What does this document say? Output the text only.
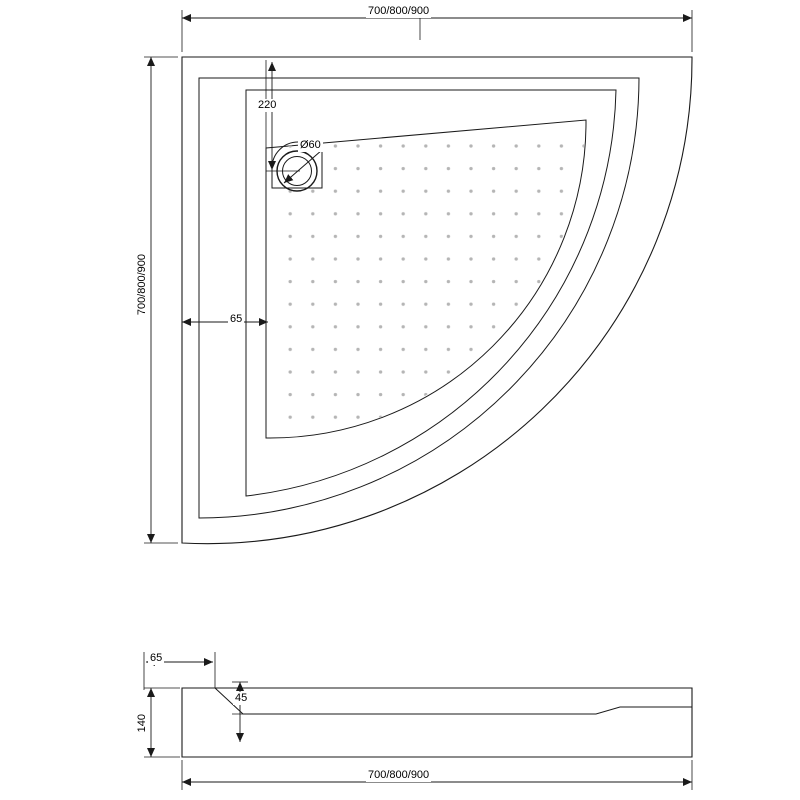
700/800/900
700/800/900
220
Ø60
65
65
45
140
700/800/900
